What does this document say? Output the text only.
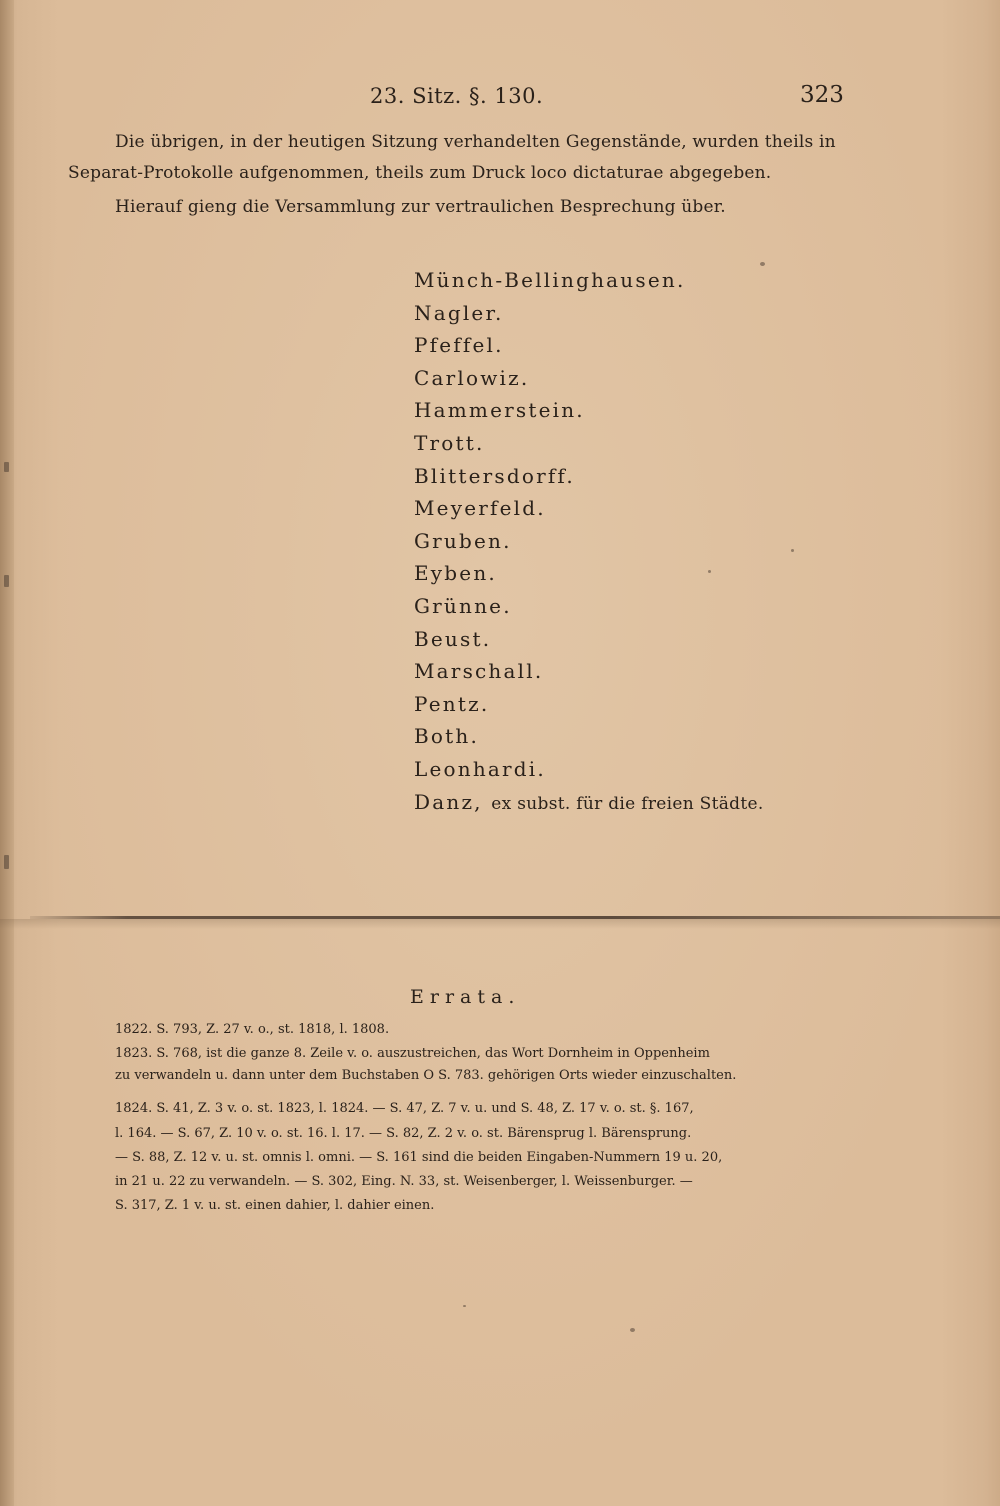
23. Sitz. §. 130.	323
Die übrigen, in der heutigen Sitzung verhandelten Gegenstände, wurden theils in
Separat-Protokolle aufgenommen, theils zum Druck loco dictaturae abgegeben.
Hierauf gieng die Versammlung zur vertraulichen Besprechung über.
Münch-Bellinghausen.
Nagler.
Pfeffel.
Carlowiz.
Hammerstein.
Trott.
Blittersdorff.
Meyerfeld.
Gruben.
Eyben.
Grünne.
Beust.
Marschall.
Pentz.
Both.
Leonhardi.
Danz, ex subst. für die freien Städte.
Errata.
1822. S. 793, Z. 27 v. o., st. 1818, l. 1808.
1823. S. 768, ist die ganze 8. Zeile v. o. auszustreichen, das Wort Dornheim in Oppenheim
zu verwandeln u. dann unter dem Buchstaben O S. 783. gehörigen Orts wieder einzuschalten.
1824. S. 41, Z. 3 v. o. st. 1823, l. 1824. — S. 47, Z. 7 v. u. und S. 48, Z. 17 v. o. st. §. 167,
l. 164. — S. 67, Z. 10 v. o. st. 16. l. 17. — S. 82, Z. 2 v. o. st. Bärensprug l. Bärensprung.
— S. 88, Z. 12 v. u. st. omnis l. omni. — S. 161 sind die beiden Eingaben-Nummern 19 u. 20,
in 21 u. 22 zu verwandeln. — S. 302, Eing. N. 33, st. Weisenberger, l. Weissenburger. —
S. 317, Z. 1 v. u. st. einen dahier, l. dahier einen.
